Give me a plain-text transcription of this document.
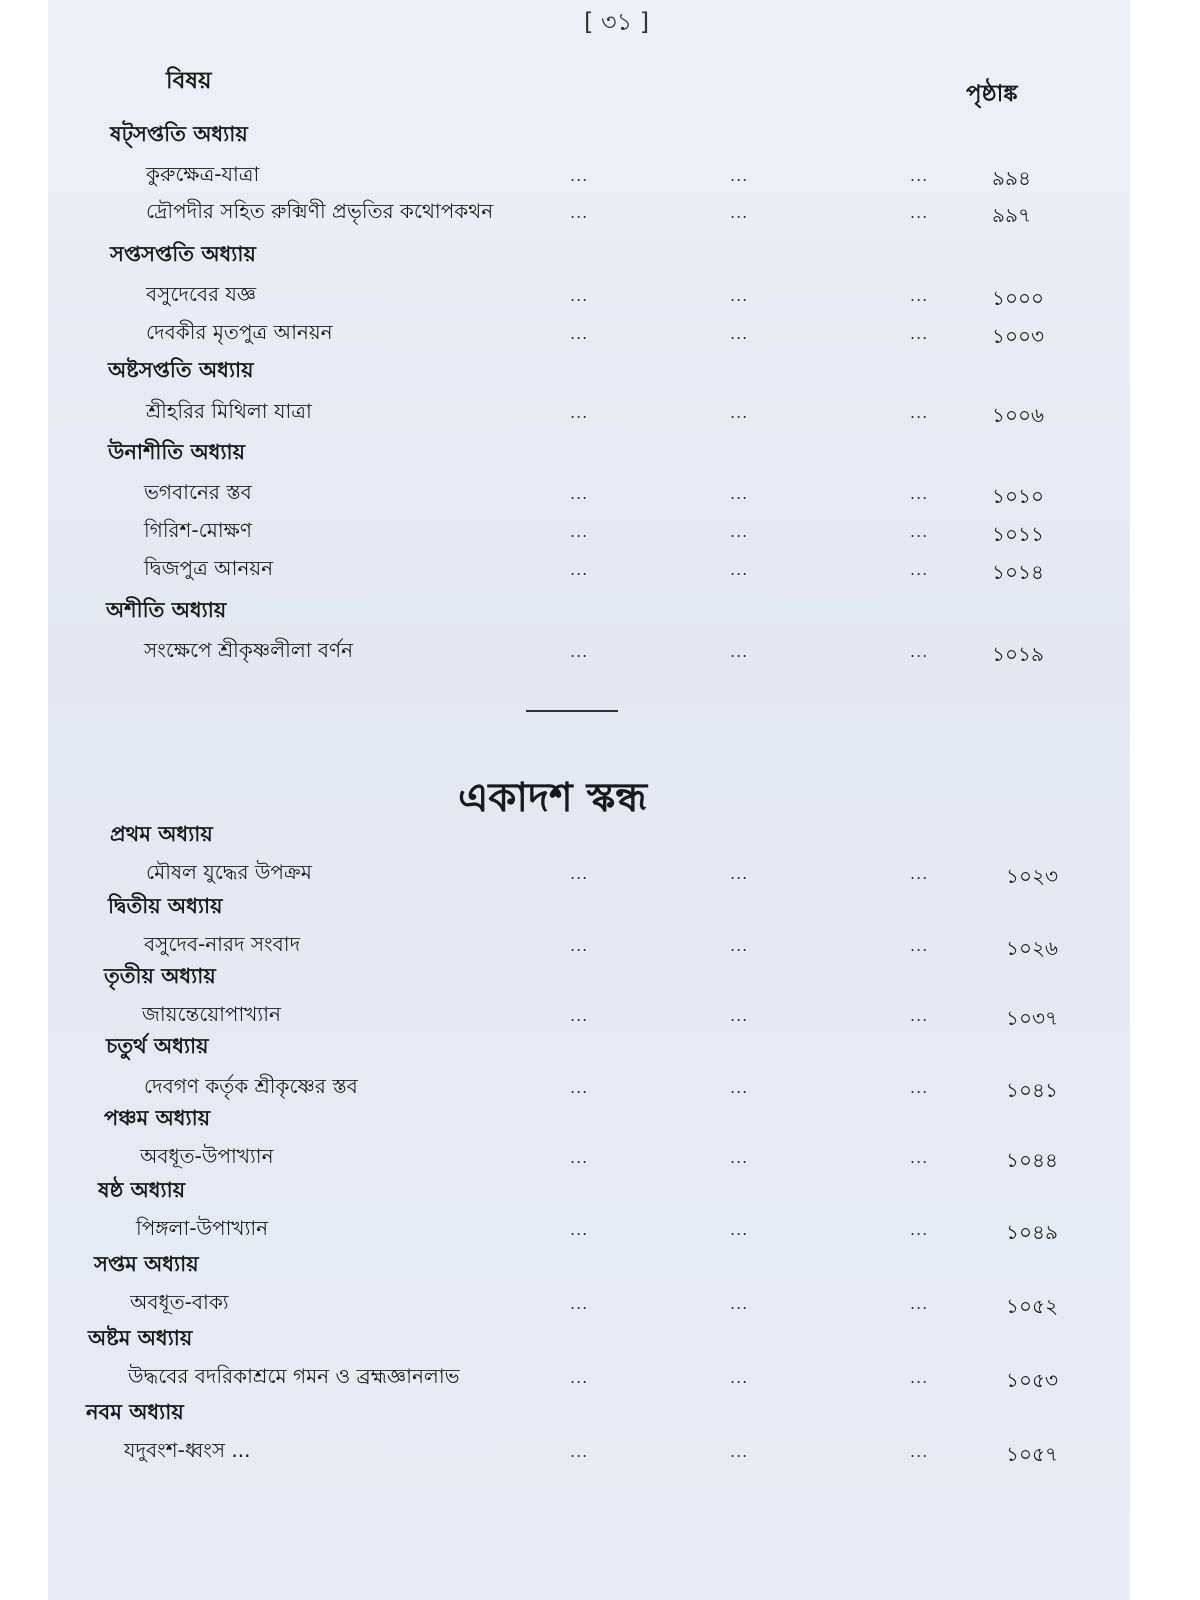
[ ৩১ ]
বিষয়	পৃষ্ঠাঙ্ক
ষট্‌সপ্ততি অধ্যায়
কুরুক্ষেত্র-যাত্রা	...	...	...	৯৯৪
দ্রৌপদীর সহিত রুক্মিণী প্রভৃতির কথোপকথন	...	...	...	৯৯৭
সপ্তসপ্ততি অধ্যায়
বসুদেবের যজ্ঞ	...	...	...	১০০০
দেবকীর মৃতপুত্র আনয়ন	...	...	...	১০০৩
অষ্টসপ্ততি অধ্যায়
শ্রীহরির মিথিলা যাত্রা	...	...	...	১০০৬
উনাশীতি অধ্যায়
ভগবানের স্তব	...	...	...	১০১০
গিরিশ-মোক্ষণ	...	...	...	১০১১
দ্বিজপুত্র আনয়ন	...	...	...	১০১৪
অশীতি অধ্যায়
সংক্ষেপে শ্রীকৃষ্ণলীলা বর্ণন	...	...	...	১০১৯
একাদশ স্কন্ধ
প্রথম অধ্যায়
মৌষল যুদ্ধের উপক্রম	...	...	...	১০২৩
দ্বিতীয় অধ্যায়
বসুদেব-নারদ সংবাদ	...	...	...	১০২৬
তৃতীয় অধ্যায়
জায়ন্তেয়োপাখ্যান	...	...	...	১০৩৭
চতুর্থ অধ্যায়
দেবগণ কর্তৃক শ্রীকৃষ্ণের স্তব	...	...	...	১০৪১
পঞ্চম অধ্যায়
অবধূত-উপাখ্যান	...	...	...	১০৪৪
ষষ্ঠ অধ্যায়
পিঙ্গলা-উপাখ্যান	...	...	...	১০৪৯
সপ্তম অধ্যায়
অবধূত-বাক্য	...	...	...	১০৫২
অষ্টম অধ্যায়
উদ্ধবের বদরিকাশ্রমে গমন ও ব্রহ্মজ্ঞানলাভ	...	...	...	১০৫৩
নবম অধ্যায়
যদুবংশ-ধ্বংস ...	...	...	...	১০৫৭
